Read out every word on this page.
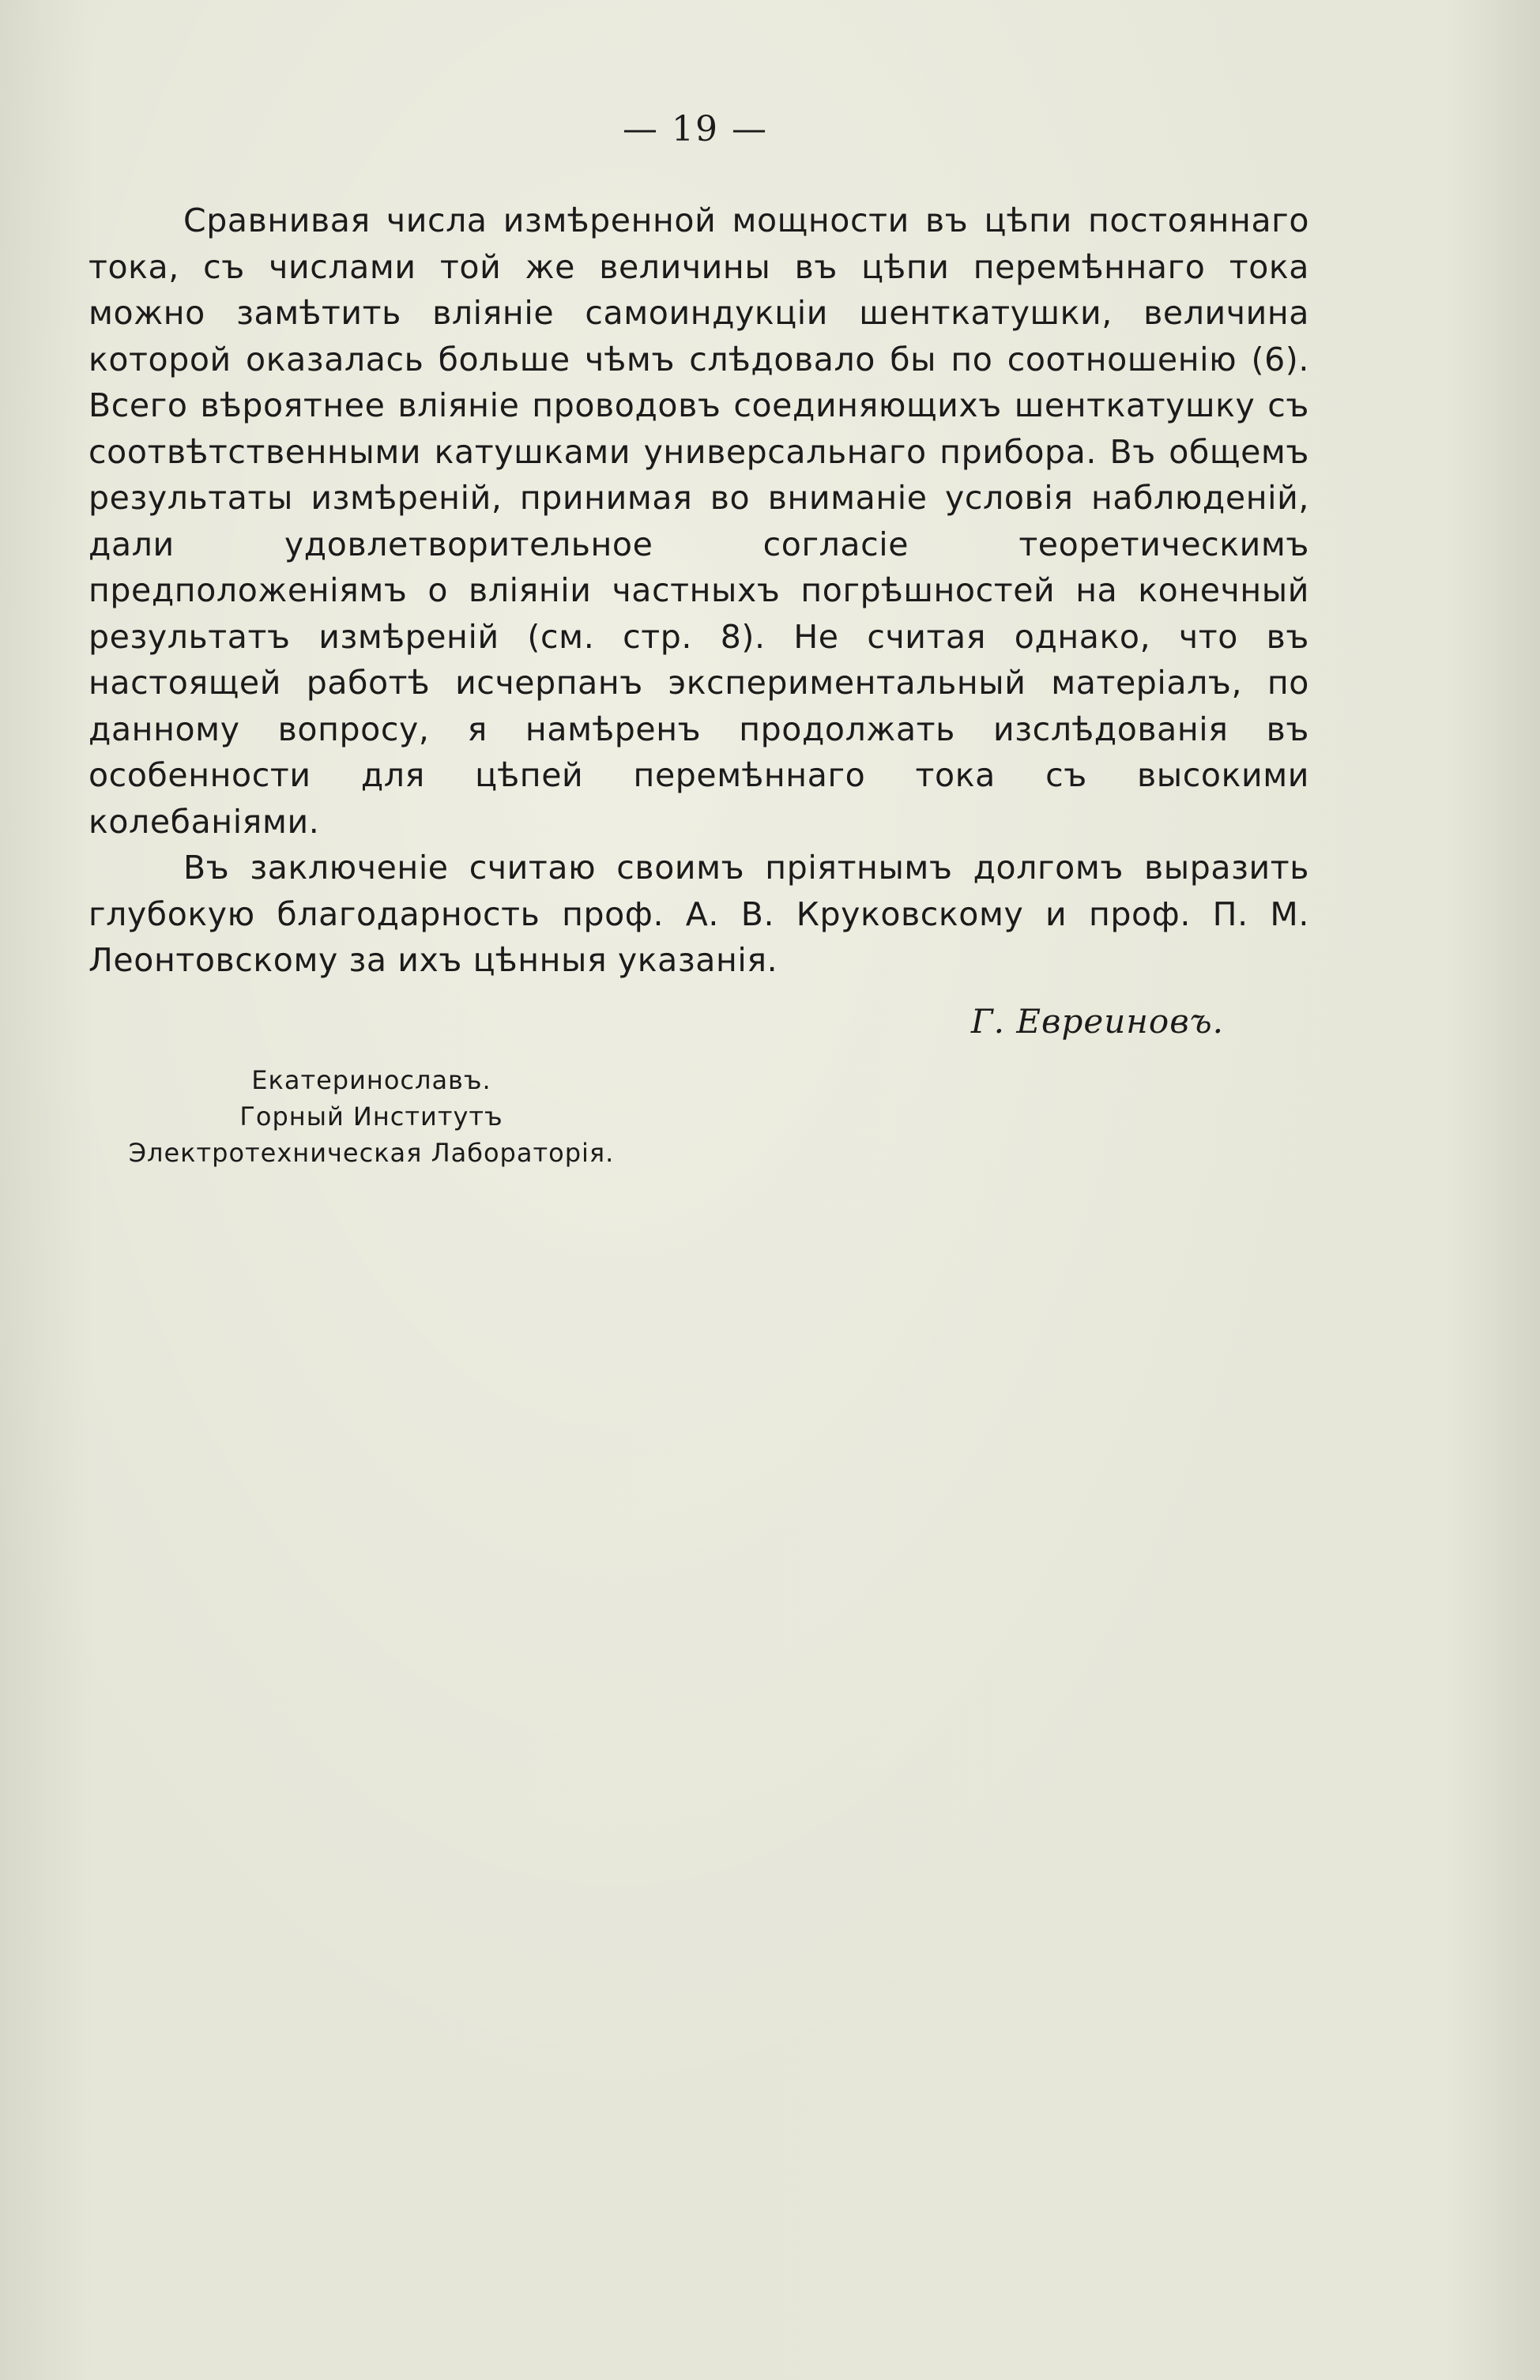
— 19 —

Сравнивая числа измѣренной мощности въ цѣпи постояннаго тока, съ числами той же величины въ цѣпи перемѣннаго тока можно замѣтить вліяніе самоиндукціи шенткатушки, величина которой оказалась больше чѣмъ слѣдовало бы по соотношенію (6). Всего вѣроятнее вліяніе проводовъ соединяющихъ шенткатушку съ соотвѣтственными катушками универсальнаго прибора. Въ общемъ результаты измѣреній, принимая во вниманіе условія наблюденій, дали удовлетворительное согласіе теоретическимъ предположеніямъ о вліяніи частныхъ погрѣшностей на конечный результатъ измѣреній (см. стр. 8). Не считая однако, что въ настоящей работѣ исчерпанъ экспериментальный матеріалъ, по данному вопросу, я намѣренъ продолжать изслѣдованія въ особенности для цѣпей перемѣннаго тока съ высокими колебаніями.

Въ заключеніе считаю своимъ пріятнымъ долгомъ выразить глубокую благодарность проф. А. В. Круковскому и проф. П. М. Леонтовскому за ихъ цѣнныя указанія.

Г. Евреиновъ.
Екатеринославъ.
Горный Институтъ
Электротехническая Лабораторія.
